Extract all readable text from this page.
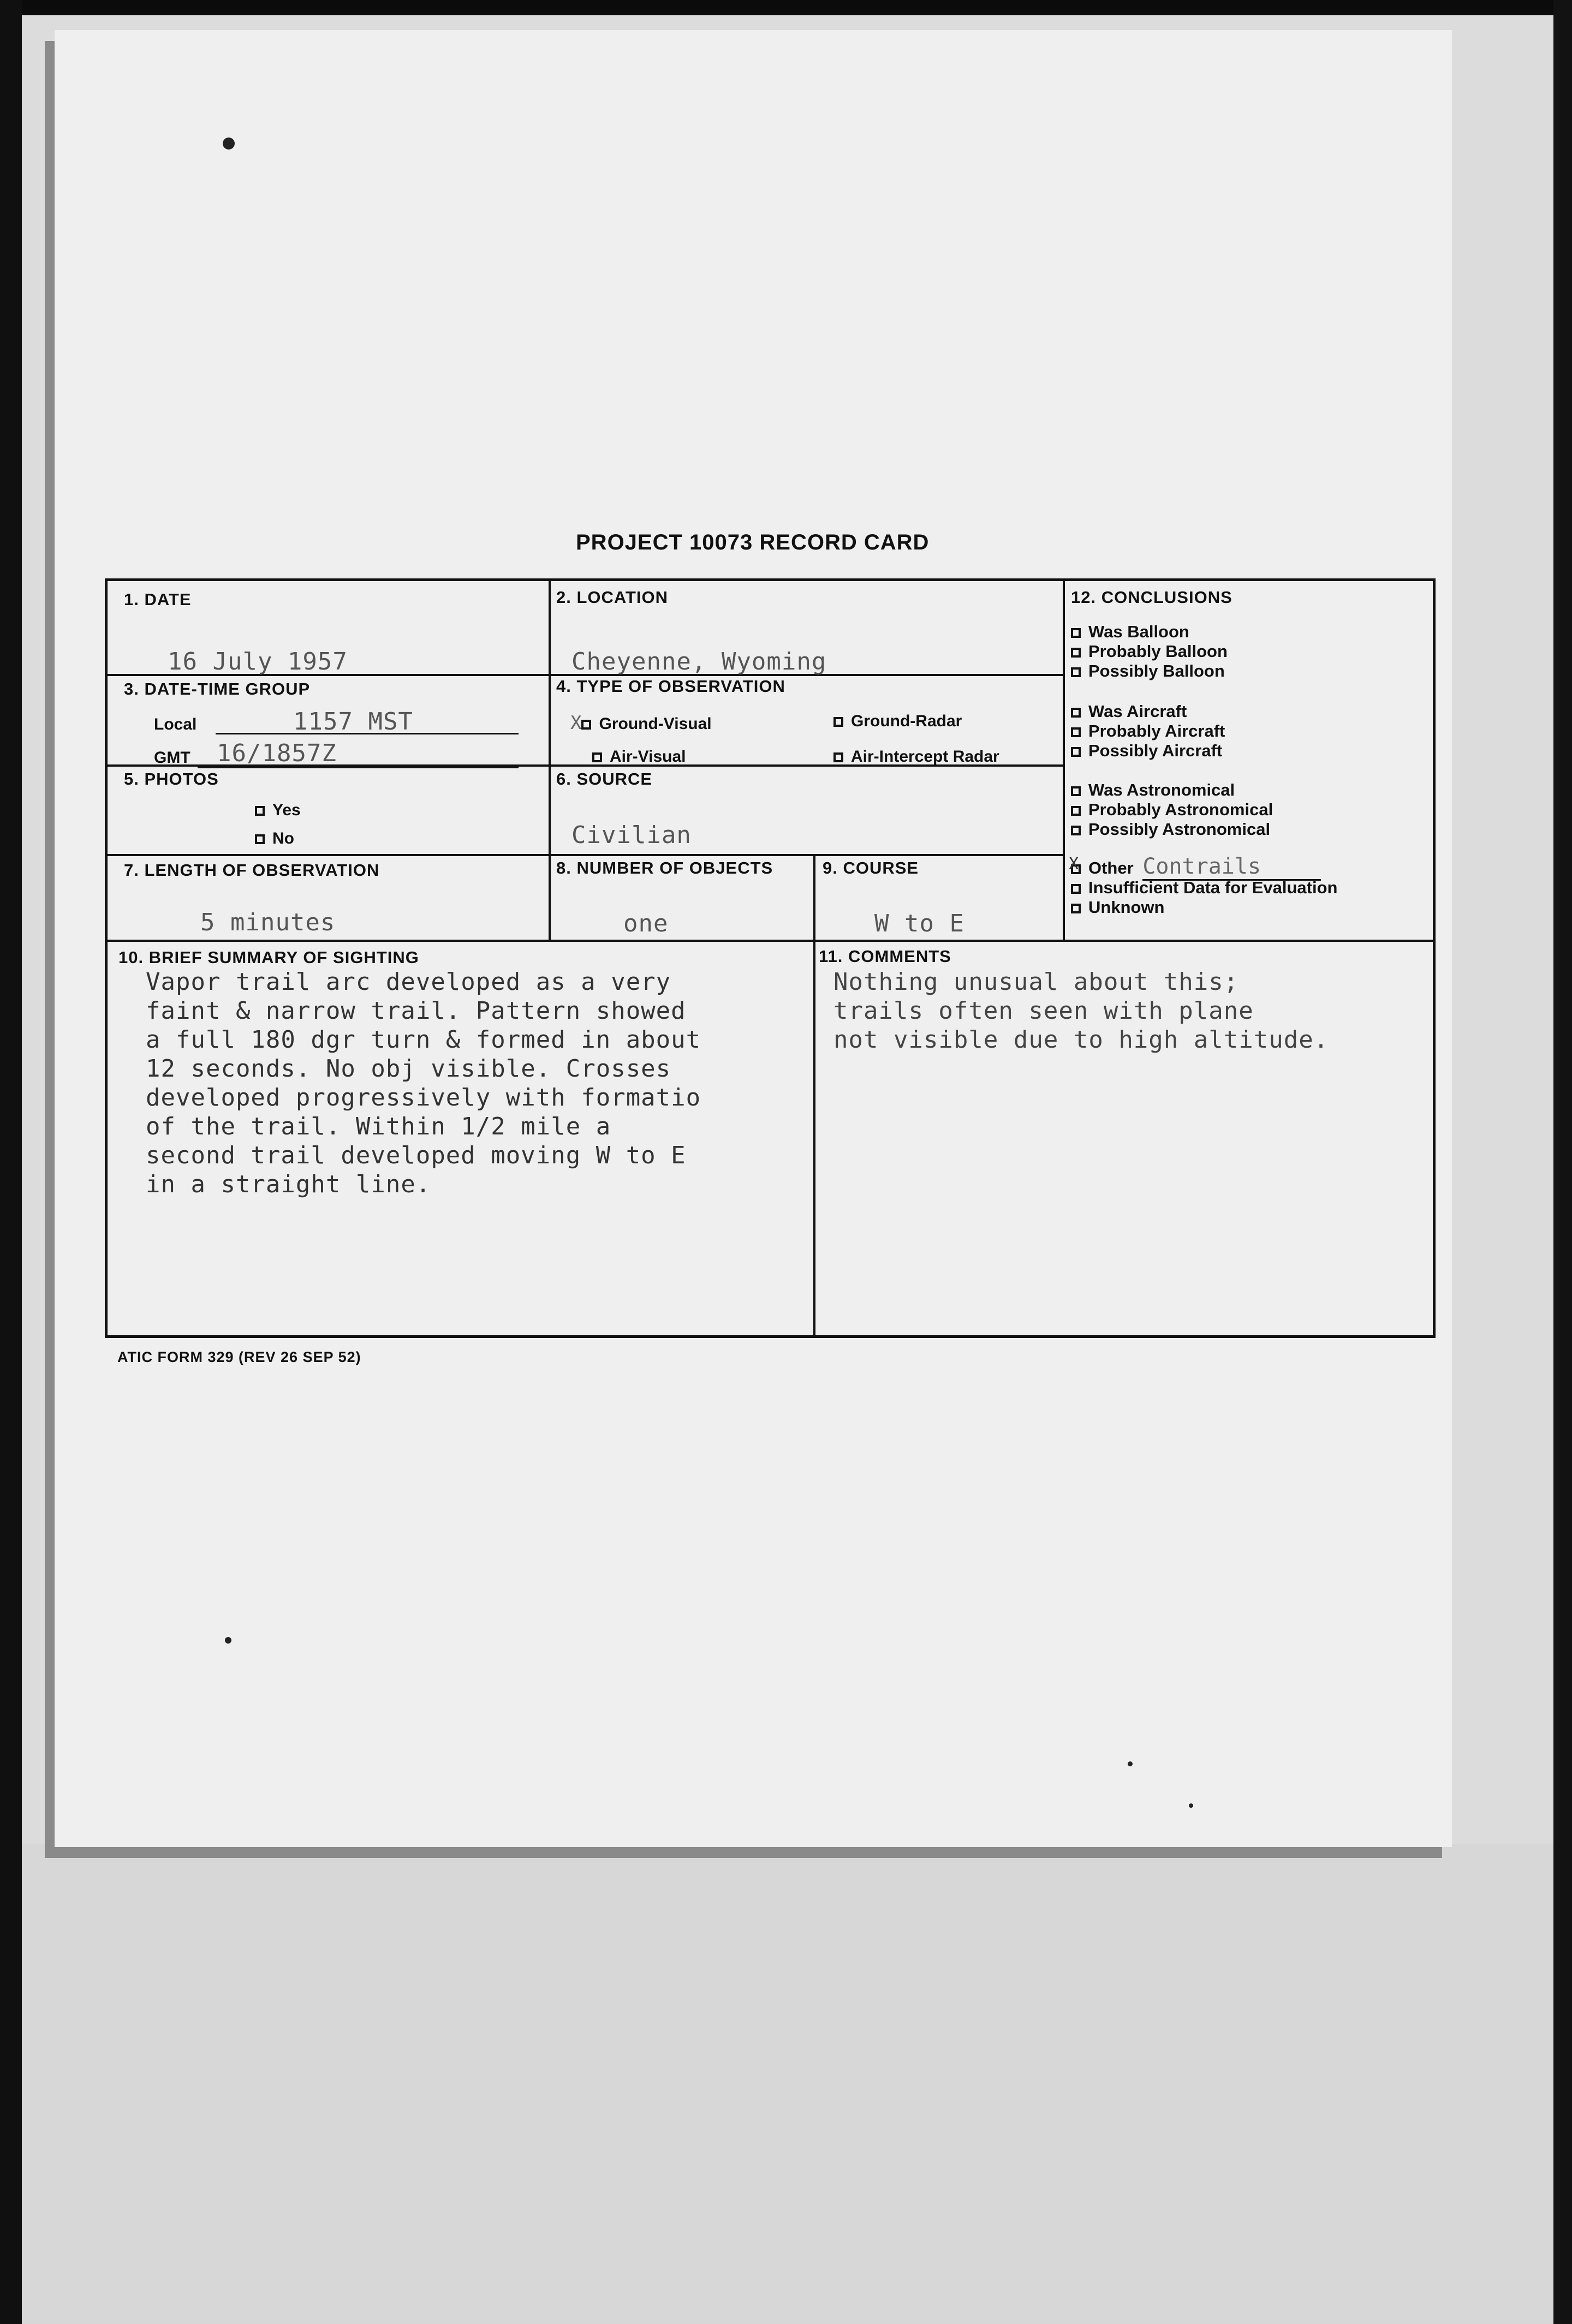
PROJECT 10073 RECORD CARD
1. DATE
16 July 1957
2. LOCATION
Cheyenne, Wyoming
3. DATE-TIME GROUP
Local	1157 MST
GMT 16/1857Z
4. TYPE OF OBSERVATION
X Ground-Visual	Ground-Radar
Air-Visual	Air-Intercept Radar
5. PHOTOS
Yes
No
6. SOURCE
Civilian
7. LENGTH OF OBSERVATION
5 minutes
8. NUMBER OF OBJECTS
one
9. COURSE
W to E
10. BRIEF SUMMARY OF SIGHTING
Vapor trail arc developed as a very
faint & narrow trail. Pattern showed
a full 180 dgr turn & formed in about
12 seconds. No obj visible. Crosses
developed progressively with formatio
of the trail. Within 1/2 mile a
second trail developed moving W to E
in a straight line.
11. COMMENTS
Nothing unusual about this;
trails often seen with plane
not visible due to high altitude.
12. CONCLUSIONS
Was Balloon
Probably Balloon
Possibly Balloon
Was Aircraft
Probably Aircraft
Possibly Aircraft
Was Astronomical
Probably Astronomical
Possibly Astronomical
X Other Contrails
Insufficient Data for Evaluation
Unknown
ATIC FORM 329 (REV 26 SEP 52)
